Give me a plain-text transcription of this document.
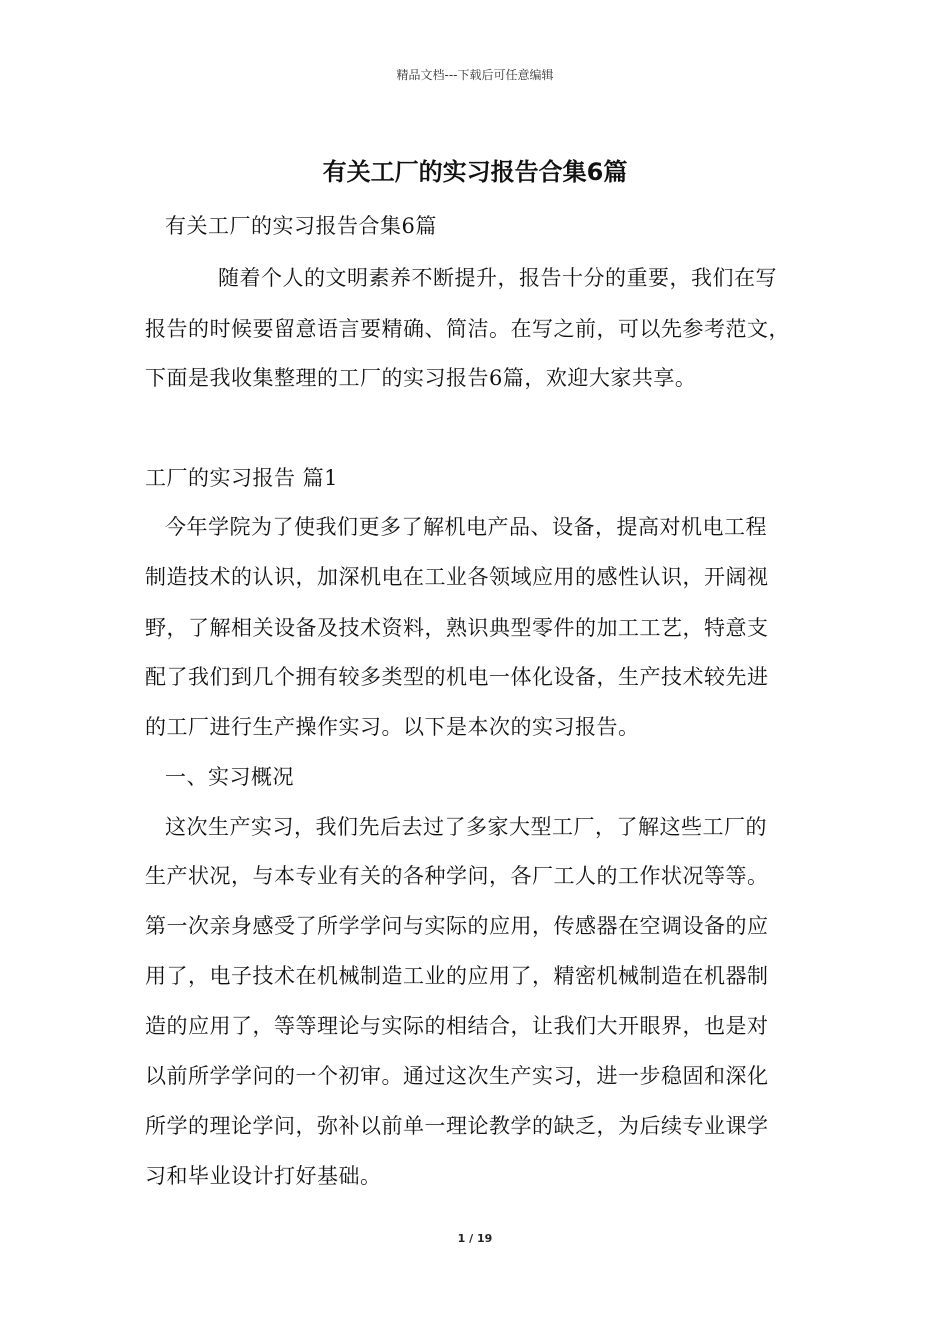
精品文档---下载后可任意编辑
有关工厂的实习报告合集6篇
有关工厂的实习报告合集6篇
随着个人的文明素养不断提升，报告十分的重要，我们在写
报告的时候要留意语言要精确、简洁。在写之前，可以先参考范文，
下面是我收集整理的工厂的实习报告6篇，欢迎大家共享。
工厂的实习报告 篇1
今年学院为了使我们更多了解机电产品、设备，提高对机电工程
制造技术的认识，加深机电在工业各领域应用的感性认识，开阔视
野，了解相关设备及技术资料，熟识典型零件的加工工艺，特意支
配了我们到几个拥有较多类型的机电一体化设备，生产技术较先进
的工厂进行生产操作实习。以下是本次的实习报告。
一、实习概况
这次生产实习，我们先后去过了多家大型工厂，了解这些工厂的
生产状况，与本专业有关的各种学问，各厂工人的工作状况等等。
第一次亲身感受了所学学问与实际的应用，传感器在空调设备的应
用了，电子技术在机械制造工业的应用了，精密机械制造在机器制
造的应用了，等等理论与实际的相结合，让我们大开眼界，也是对
以前所学学问的一个初审。通过这次生产实习，进一步稳固和深化
所学的理论学问，弥补以前单一理论教学的缺乏，为后续专业课学
习和毕业设计打好基础。
1 / 19
